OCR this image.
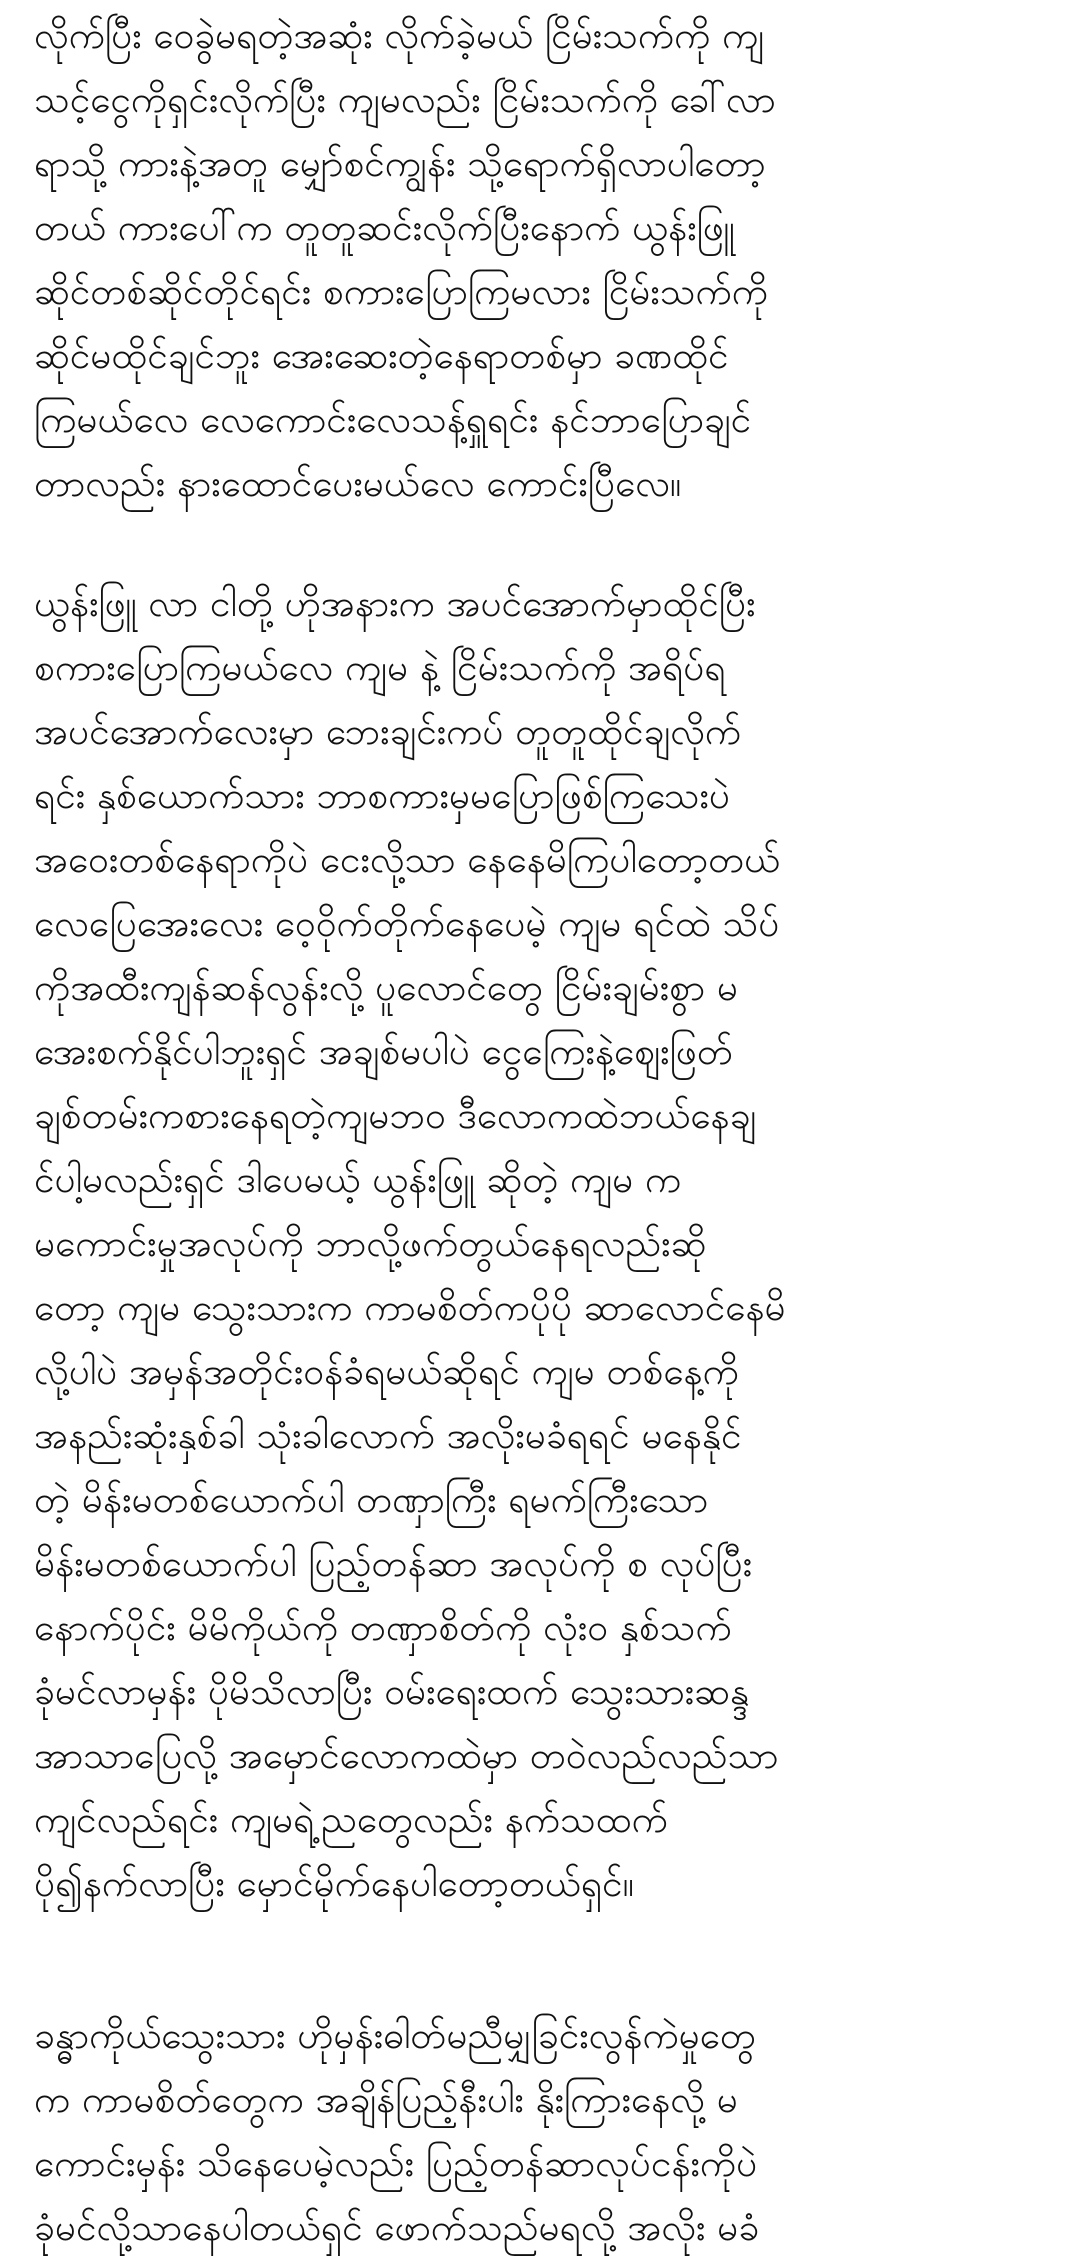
လိုက်ပြီး ဝေခွဲမရတဲ့အဆုံး လိုက်ခဲ့မယ် ငြိမ်းသက်ကို ကျ
သင့်ငွေကိုရှင်းလိုက်ပြီး ကျမလည်း ငြိမ်းသက်ကို ခေါ်လာ
ရာသို့ ကားနဲ့အတူ မျှော်စင်ကျွန်း သို့ရောက်ရှိလာပါတော့
တယ် ကားပေါ်က တူတူဆင်းလိုက်ပြီးနောက် ယွန်းဖြူ
ဆိုင်တစ်ဆိုင်တိုင်ရင်း စကားပြောကြမလား ငြိမ်းသက်ကို
ဆိုင်မထိုင်ချင်ဘူး အေးဆေးတဲ့နေရာတစ်မှာ ခဏထိုင်
ကြမယ်လေ လေကောင်းလေသန့်ရှူရင်း နင်ဘာပြောချင်
တာလည်း နားထောင်ပေးမယ်လေ ကောင်းပြီလေ။
ယွန်းဖြူ လာ ငါတို့ ဟိုအနားက အပင်အောက်မှာထိုင်ပြီး
စကားပြောကြမယ်လေ ကျမ နဲ့ ငြိမ်းသက်ကို အရိပ်ရ
အပင်အောက်လေးမှာ ဘေးချင်းကပ် တူတူထိုင်ချလိုက်
ရင်း နှစ်ယောက်သား ဘာစကားမှမပြောဖြစ်ကြသေးပဲ
အဝေးတစ်နေရာကိုပဲ ငေးလို့သာ နေနေမိကြပါတော့တယ်
လေပြေအေးလေး ဝေ့ဝိုက်တိုက်နေပေမဲ့ ကျမ ရင်ထဲ သိပ်
ကိုအထီးကျန်ဆန်လွန်းလို့ ပူလောင်တွေ ငြိမ်းချမ်းစွာ မ
အေးစက်နိုင်ပါဘူးရှင် အချစ်မပါပဲ ငွေကြေးနဲ့ဈေးဖြတ်
ချစ်တမ်းကစားနေရတဲ့ကျမဘဝ ဒီလောကထဲဘယ်နေချ
င်ပါ့မလည်းရှင် ဒါပေမယ့် ယွန်းဖြူ ဆိုတဲ့ ကျမ က
မကောင်းမှုအလုပ်ကို ဘာလို့ဖက်တွယ်နေရလည်းဆို
တော့ ကျမ သွေးသားက ကာမစိတ်ကပိုပို ဆာလောင်နေမိ
လို့ပါပဲ အမှန်အတိုင်းဝန်ခံရမယ်ဆိုရင် ကျမ တစ်နေ့ကို
အနည်းဆုံးနှစ်ခါ သုံးခါလောက် အလိုးမခံရရင် မနေနိုင်
တဲ့ မိန်းမတစ်ယောက်ပါ တဏှာကြီး ရမက်ကြီးသော
မိန်းမတစ်ယောက်ပါ ပြည့်တန်ဆာ အလုပ်ကို စ လုပ်ပြီး
နောက်ပိုင်း မိမိကိုယ်ကို တဏှာစိတ်ကို လုံးဝ နှစ်သက်
ခုံမင်လာမှန်း ပိုမိသိလာပြီး ဝမ်းရေးထက် သွေးသားဆန္ဒ
အာသာပြေလို့ အမှောင်လောကထဲမှာ တဝဲလည်လည်သာ
ကျင်လည်ရင်း ကျမရဲ့ညတွေလည်း နက်သထက်
ပို၍နက်လာပြီး မှောင်မိုက်နေပါတော့တယ်ရှင်။
ခန္ဓာကိုယ်သွေးသား ဟိုမှန်းဓါတ်မညီမျှခြင်းလွန်ကဲမှုတွေ
က ကာမစိတ်တွေက အချိန်ပြည့်နီးပါး နိုးကြားနေလို့ မ
ကောင်းမှန်း သိနေပေမဲ့လည်း ပြည့်တန်ဆာလုပ်ငန်းကိုပဲ
ခုံမင်လို့သာနေပါတယ်ရှင် ဖောက်သည်မရလို့ အလိုး မခံ
